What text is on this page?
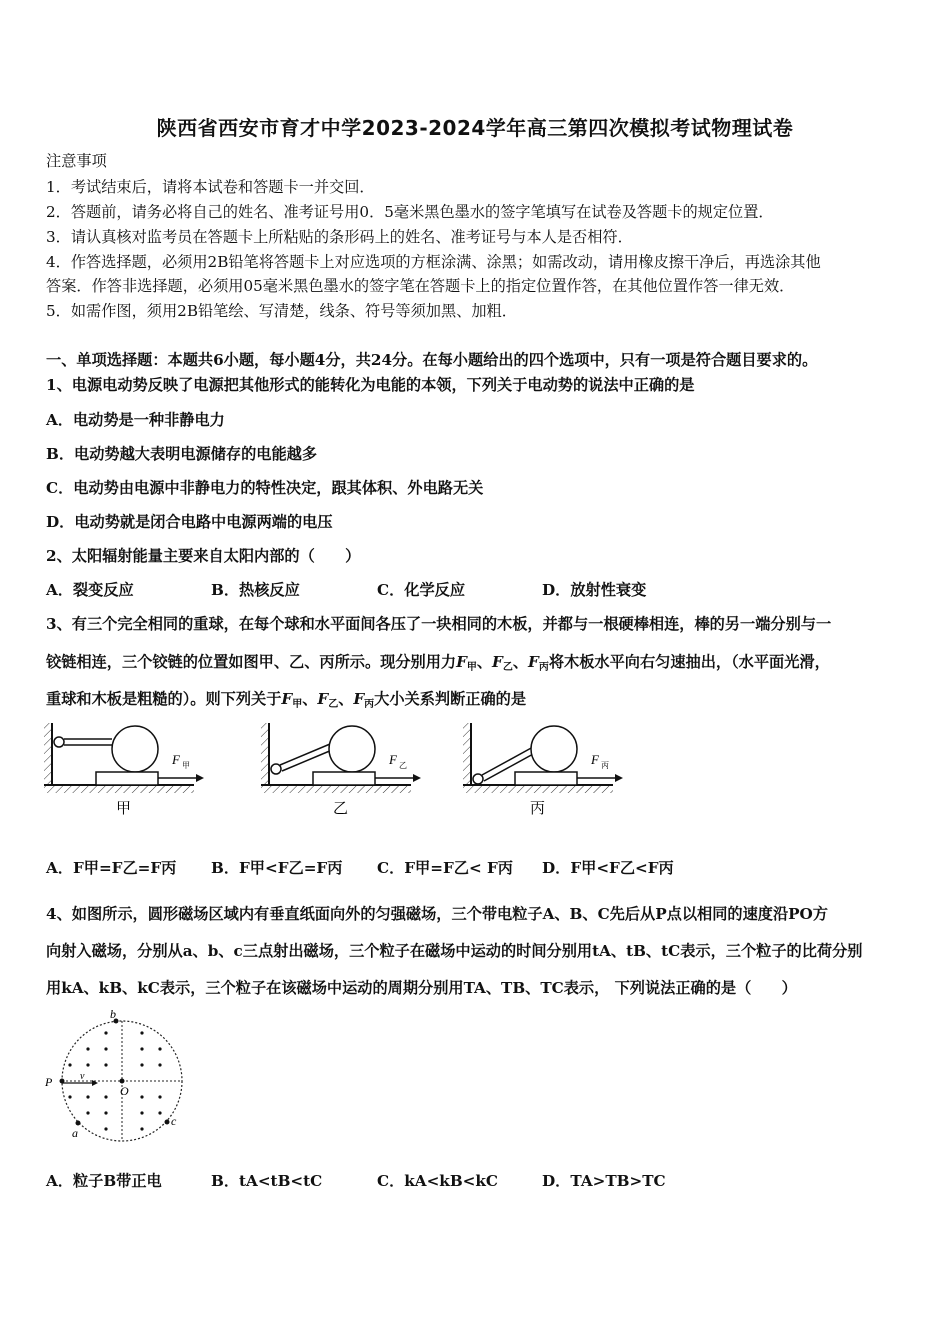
陕西省西安市育才中学2023-2024学年高三第四次模拟考试物理试卷
注意事项
1．考试结束后，请将本试卷和答题卡一并交回．
2．答题前，请务必将自己的姓名、准考证号用0．5毫米黑色墨水的签字笔填写在试卷及答题卡的规定位置．
3．请认真核对监考员在答题卡上所粘贴的条形码上的姓名、准考证号与本人是否相符．
4．作答选择题，必须用2B铅笔将答题卡上对应选项的方框涂满、涂黑；如需改动，请用橡皮擦干净后，再选涂其他
答案．作答非选择题，必须用05毫米黑色墨水的签字笔在答题卡上的指定位置作答，在其他位置作答一律无效．
5．如需作图，须用2B铅笔绘、写清楚，线条、符号等须加黑、加粗．
一、单项选择题：本题共6小题，每小题4分，共24分。在每小题给出的四个选项中，只有一项是符合题目要求的。
1、电源电动势反映了电源把其他形式的能转化为电能的本领，下列关于电动势的说法中正确的是
A．电动势是一种非静电力
B．电动势越大表明电源储存的电能越多
C．电动势由电源中非静电力的特性决定，跟其体积、外电路无关
D．电动势就是闭合电路中电源两端的电压
2、太阳辐射能量主要来自太阳内部的（　　）
A．裂变反应	B．热核反应	C．化学反应	D．放射性衰变
3、有三个完全相同的重球，在每个球和水平面间各压了一块相同的木板，并都与一根硬棒相连，棒的另一端分别与一
铰链相连，三个铰链的位置如图甲、乙、丙所示。现分别用力$F_甲$、$F_乙$、$F_丙$将木板水平向右匀速抽出，（水平面光滑，
重球和木板是粗糙的）。则下列关于$F_甲$、$F_乙$、$F_丙$大小关系判断正确的是
F 甲
甲
F 乙
乙
F 丙
丙
A．F甲=F乙=F丙 B．F甲<F乙=F丙 C．F甲=F乙< F丙 D．F甲<F乙<F丙
4、如图所示，圆形磁场区域内有垂直纸面向外的匀强磁场，三个带电粒子A、B、C先后从P点以相同的速度沿PO方
向射入磁场，分别从a、b、c三点射出磁场，三个粒子在磁场中运动的时间分别用tA、tB、tC表示，三个粒子的比荷分别
用kA、kB、kC表示，三个粒子在该磁场中运动的周期分别用TA、TB、TC表示， 下列说法正确的是（　　）
b
P
O
a
c
v
A．粒子B带正电	B．tA<tB<tC	C．kA<kB<kC	D．TA>TB>TC
